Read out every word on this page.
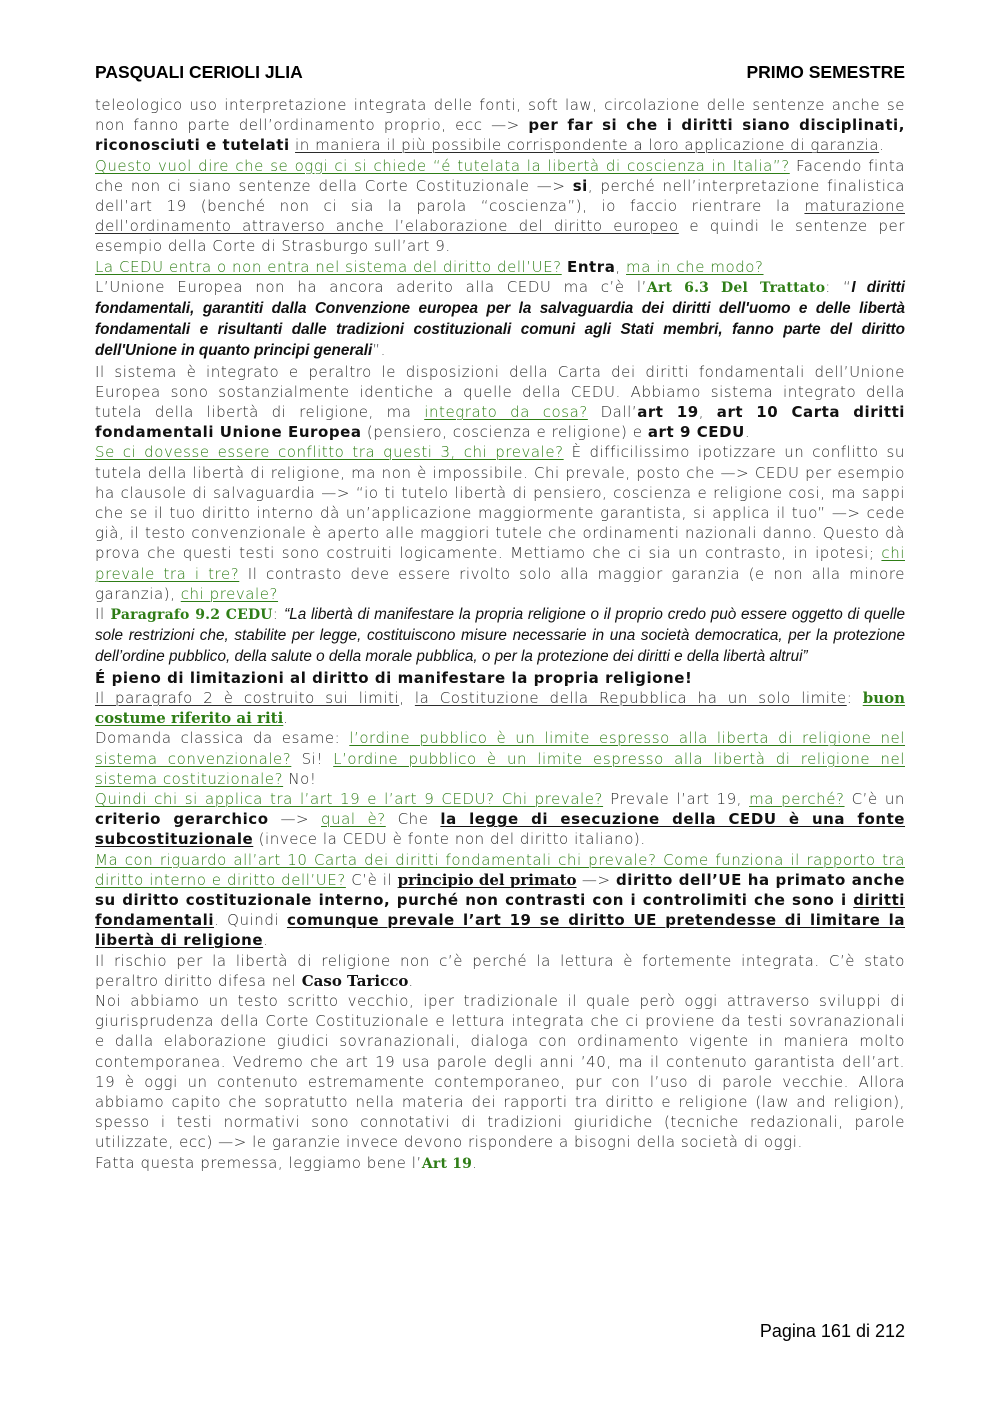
PASQUALI CERIOLI JLIA	PRIMO SEMESTRE

teleologico uso interpretazione integrata delle fonti, soft law, circolazione delle sentenze anche se non fanno parte dell’ordinamento proprio, ecc —> per far si che i diritti siano disciplinati, riconosciuti e tutelati in maniera il più possibile corrispondente a loro applicazione di garanzia.

Questo vuol dire che se oggi ci si chiede “é tutelata la libertà di coscienza in Italia”? Facendo finta che non ci siano sentenze della Corte Costituzionale —> si, perché nell’interpretazione finalistica dell’art 19 (benché non ci sia la parola “coscienza”), io faccio rientrare la maturazione dell’ordinamento attraverso anche l’elaborazione del diritto europeo e quindi le sentenze per esempio della Corte di Strasburgo sull’art 9.

La CEDU entra o non entra nel sistema del diritto dell’UE? Entra, ma in che modo?

L’Unione Europea non ha ancora aderito alla CEDU ma c’è l’Art 6.3 Del Trattato: “I diritti fondamentali, garantiti dalla Convenzione europea per la salvaguardia dei diritti dell'uomo e delle libertà fondamentali e risultanti dalle tradizioni costituzionali comuni agli Stati membri, fanno parte del diritto dell'Unione in quanto principi generali”.

Il sistema è integrato e peraltro le disposizioni della Carta dei diritti fondamentali dell’Unione Europea sono sostanzialmente identiche a quelle della CEDU. Abbiamo sistema integrato della tutela della libertà di religione, ma integrato da cosa? Dall’art 19, art 10 Carta diritti fondamentali Unione Europea (pensiero, coscienza e religione) e art 9 CEDU.

Se ci dovesse essere conflitto tra questi 3, chi prevale? È difficilissimo ipotizzare un conflitto su tutela della libertà di religione, ma non è impossibile. Chi prevale, posto che —> CEDU per esempio ha clausole di salvaguardia —> “io ti tutelo libertà di pensiero, coscienza e religione cosi, ma sappi che se il tuo diritto interno dà un’applicazione maggiormente garantista, si applica il tuo” —> cede già, il testo convenzionale è aperto alle maggiori tutele che ordinamenti nazionali danno. Questo dà prova che questi testi sono costruiti logicamente. Mettiamo che ci sia un contrasto, in ipotesi; chi prevale tra i tre? Il contrasto deve essere rivolto solo alla maggior garanzia (e non alla minore garanzia), chi prevale?

Il Paragrafo 9.2 CEDU: “La libertà di manifestare la propria religione o il proprio credo può essere oggetto di quelle sole restrizioni che, stabilite per legge, costituiscono misure necessarie in una società democratica, per la protezione dell’ordine pubblico, della salute o della morale pubblica, o per la protezione dei diritti e della libertà altrui”

É pieno di limitazioni al diritto di manifestare la propria religione!

Il paragrafo 2 è costruito sui limiti, la Costituzione della Repubblica ha un solo limite: buon costume riferito ai riti.

Domanda classica da esame: l’ordine pubblico è un limite espresso alla liberta di religione nel sistema convenzionale? Si! L’ordine pubblico è un limite espresso alla libertà di religione nel sistema costituzionale? No!

Quindi chi si applica tra l’art 19 e l’art 9 CEDU? Chi prevale? Prevale l’art 19, ma perché? C’è un criterio gerarchico —> qual è? Che la legge di esecuzione della CEDU è una fonte subcostituzionale (invece la CEDU è fonte non del diritto italiano).

Ma con riguardo all’art 10 Carta dei diritti fondamentali chi prevale? Come funziona il rapporto tra diritto interno e diritto dell’UE? C’è il principio del primato —> diritto dell’UE ha primato anche su diritto costituzionale interno, purché non contrasti con i controlimiti che sono i diritti fondamentali. Quindi comunque prevale l’art 19 se diritto UE pretendesse di limitare la libertà di religione.

Il rischio per la libertà di religione non c’è perché la lettura è fortemente integrata. C’è stato peraltro diritto difesa nel Caso Taricco.

Noi abbiamo un testo scritto vecchio, iper tradizionale il quale però oggi attraverso sviluppi di giurisprudenza della Corte Costituzionale e lettura integrata che ci proviene da testi sovranazionali e dalla elaborazione giudici sovranazionali, dialoga con ordinamento vigente in maniera molto contemporanea. Vedremo che art 19 usa parole degli anni ’40, ma il contenuto garantista dell’art. 19 è oggi un contenuto estremamente contemporaneo, pur con l’uso di parole vecchie. Allora abbiamo capito che sopratutto nella materia dei rapporti tra diritto e religione (law and religion), spesso i testi normativi sono connotativi di tradizioni giuridiche (tecniche redazionali, parole utilizzate, ecc) —> le garanzie invece devono rispondere a bisogni della società di oggi.

Fatta questa premessa, leggiamo bene l’Art 19.

Pagina 161 di 212
